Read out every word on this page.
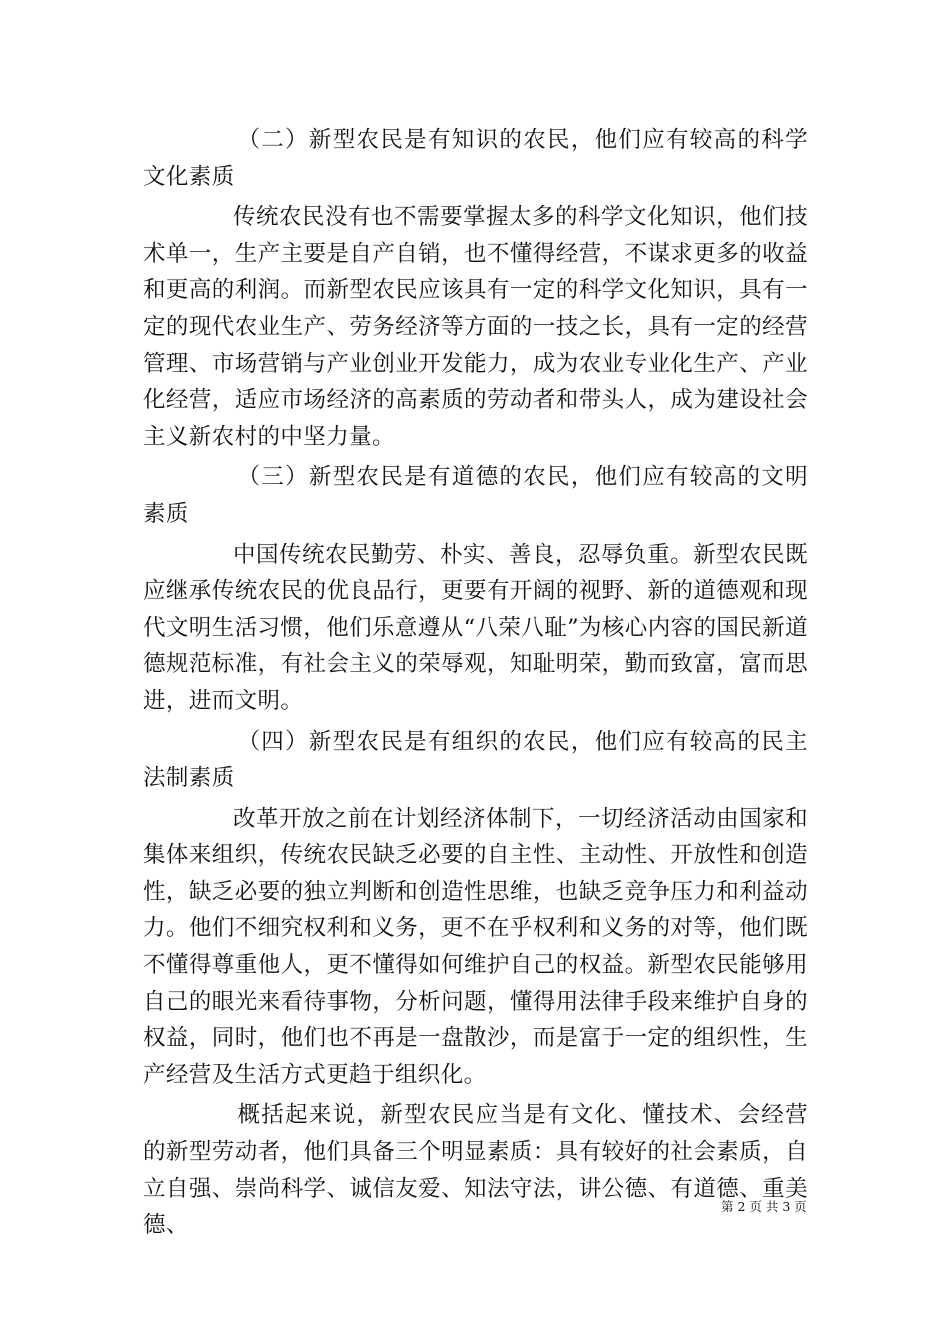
（二）新型农民是有知识的农民，他们应有较高的科学文化素质

传统农民没有也不需要掌握太多的科学文化知识，他们技术单一，生产主要是自产自销，也不懂得经营，不谋求更多的收益和更高的利润。而新型农民应该具有一定的科学文化知识，具有一定的现代农业生产、劳务经济等方面的一技之长，具有一定的经营管理、市场营销与产业创业开发能力，成为农业专业化生产、产业化经营，适应市场经济的高素质的劳动者和带头人，成为建设社会主义新农村的中坚力量。

（三）新型农民是有道德的农民，他们应有较高的文明素质

中国传统农民勤劳、朴实、善良，忍辱负重。新型农民既应继承传统农民的优良品行，更要有开阔的视野、新的道德观和现代文明生活习惯，他们乐意遵从“八荣八耻”为核心内容的国民新道德规范标准，有社会主义的荣辱观，知耻明荣，勤而致富，富而思进，进而文明。

（四）新型农民是有组织的农民，他们应有较高的民主法制素质

改革开放之前在计划经济体制下，一切经济活动由国家和集体来组织，传统农民缺乏必要的自主性、主动性、开放性和创造性，缺乏必要的独立判断和创造性思维，也缺乏竞争压力和利益动力。他们不细究权利和义务，更不在乎权利和义务的对等，他们既不懂得尊重他人，更不懂得如何维护自己的权益。新型农民能够用自己的眼光来看待事物，分析问题，懂得用法律手段来维护自身的权益，同时，他们也不再是一盘散沙，而是富于一定的组织性，生产经营及生活方式更趋于组织化。

概括起来说，新型农民应当是有文化、懂技术、会经营的新型劳动者，他们具备三个明显素质：具有较好的社会素质，自立自强、崇尚科学、诚信友爱、知法守法，讲公德、有道德、重美德、

第 2 页 共 3 页
